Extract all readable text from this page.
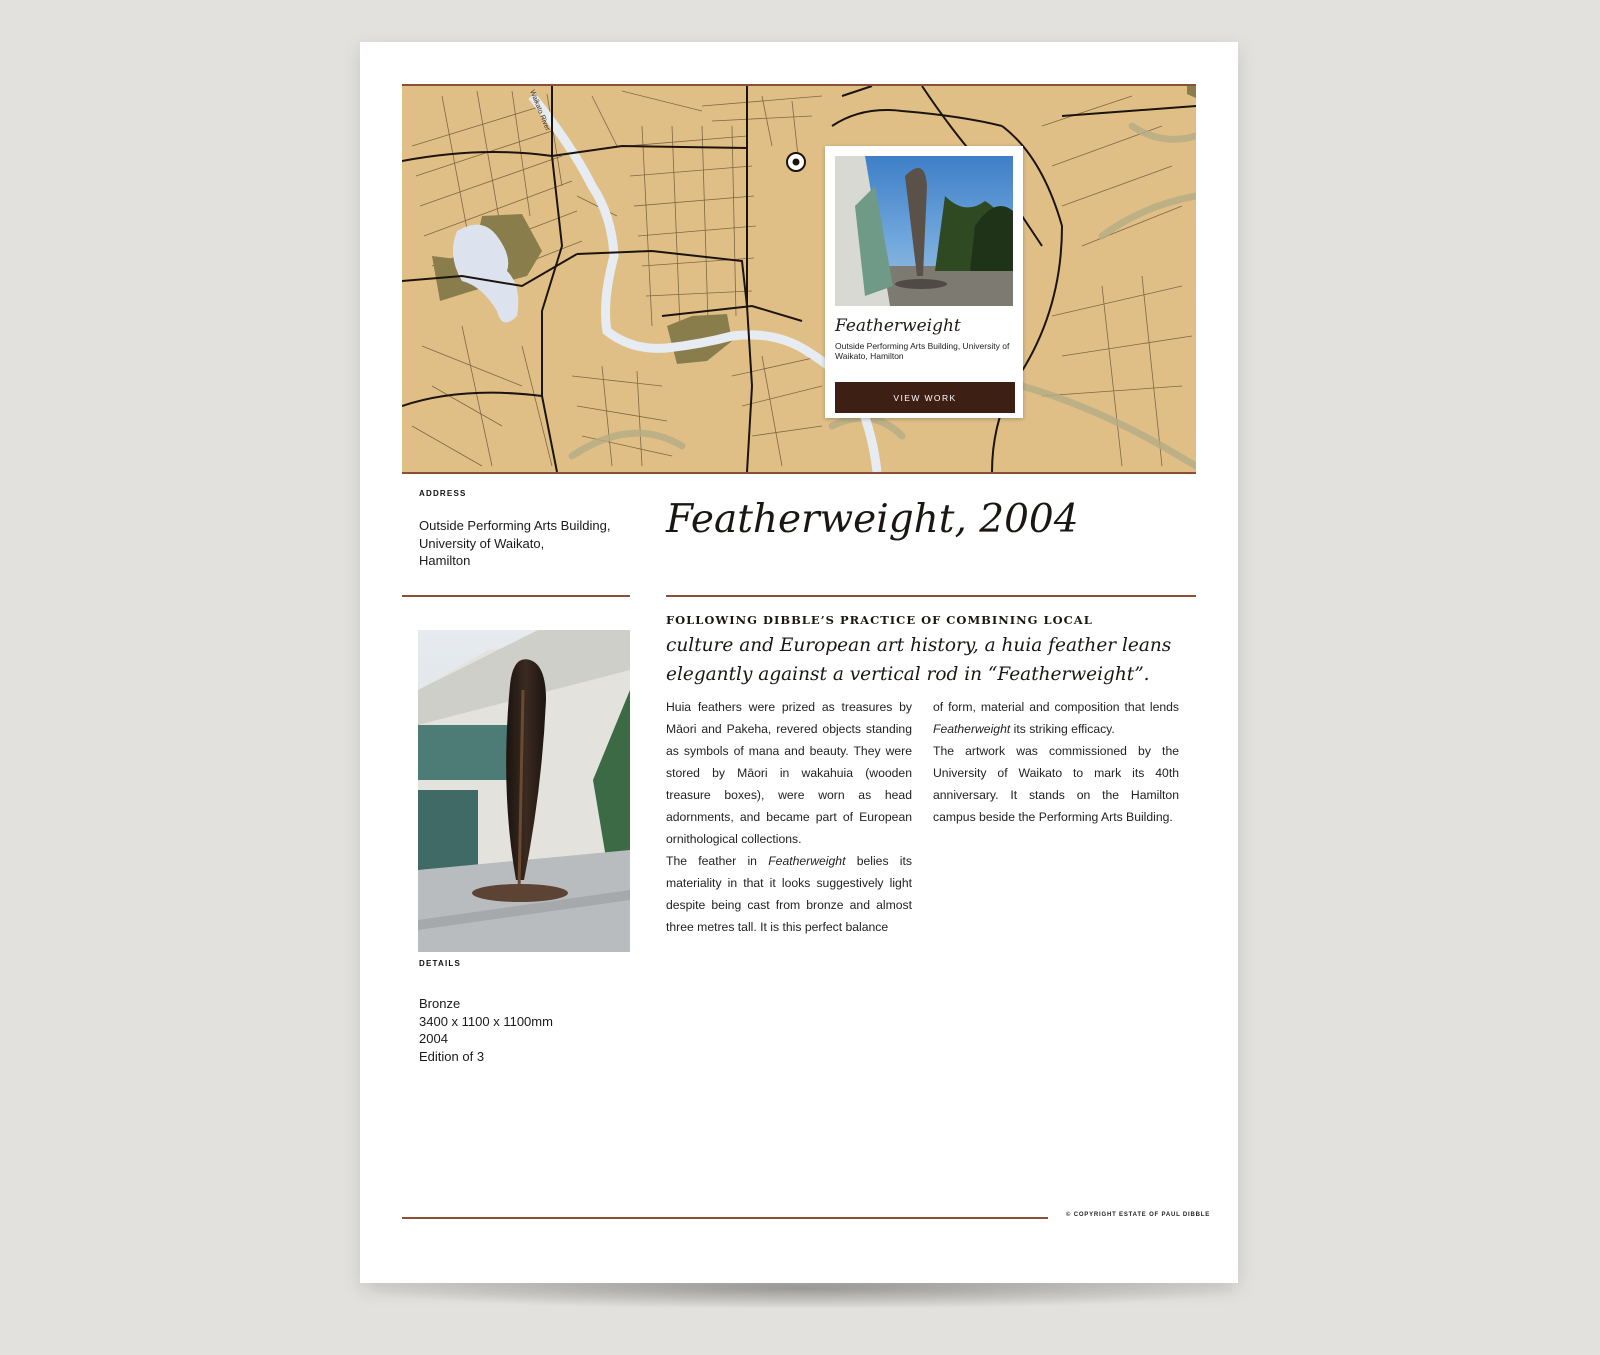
Waikato River
Featherweight
Outside Performing Arts Building, University of Waikato, Hamilton
VIEW WORK
ADDRESS
Outside Performing Arts Building,
University of Waikato,
Hamilton
Featherweight, 2004
DETAILS
Bronze
3400 x 1100 x 1100mm
2004
Edition of 3
FOLLOWING DIBBLE’S PRACTICE OF COMBINING LOCAL
culture and European art history, a huia feather leans elegantly against a vertical rod in “Featherweight”.

Huia feathers were prized as treasures by Māori and Pakeha, revered objects standing as symbols of mana and beauty. They were stored by Māori in wakahuia (wooden treasure boxes), were worn as head adornments, and became part of European ornithological collections.

The feather in Featherweight belies its materiality in that it looks suggestively light despite being cast from bronze and almost three metres tall. It is this perfect balance

of form, material and composition that lends Featherweight its striking efficacy.

The artwork was commissioned by the University of Waikato to mark its 40th anniversary. It stands on the Hamilton campus beside the Performing Arts Building.

© COPYRIGHT ESTATE OF PAUL DIBBLE
